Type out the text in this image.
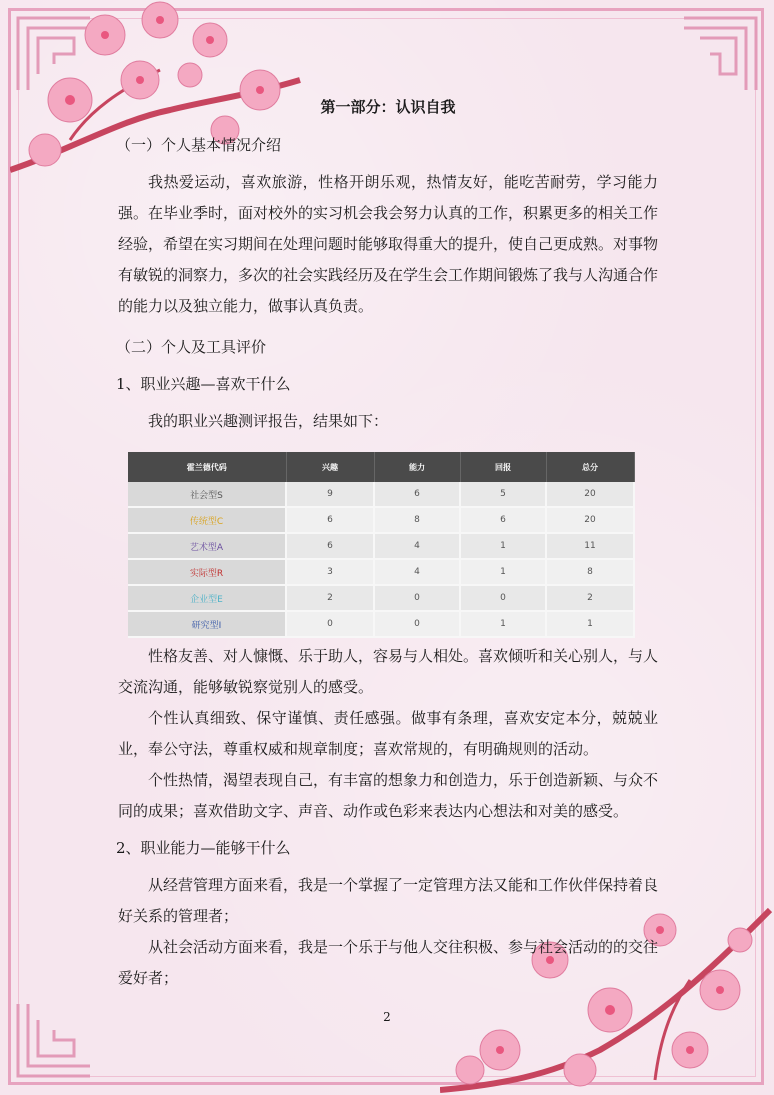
第一部分：认识自我
（一）个人基本情况介绍

我热爱运动，喜欢旅游，性格开朗乐观，热情友好，能吃苦耐劳，学习能力强。在毕业季时，面对校外的实习机会我会努力认真的工作，积累更多的相关工作经验，希望在实习期间在处理问题时能够取得重大的提升，使自己更成熟。对事物有敏锐的洞察力，多次的社会实践经历及在学生会工作期间锻炼了我与人沟通合作的能力以及独立能力，做事认真负责。

（二）个人及工具评价
1、职业兴趣—喜欢干什么

我的职业兴趣测评报告，结果如下：

性格友善、对人慷慨、乐于助人，容易与人相处。喜欢倾听和关心别人，与人交流沟通，能够敏锐察觉别人的感受。

个性认真细致、保守谨慎、责任感强。做事有条理，喜欢安定本分，兢兢业业，奉公守法，尊重权威和规章制度；喜欢常规的，有明确规则的活动。

个性热情，渴望表现自己，有丰富的想象力和创造力，乐于创造新颖、与众不同的成果；喜欢借助文字、声音、动作或色彩来表达内心想法和对美的感受。

2、职业能力—能够干什么

从经营管理方面来看，我是一个掌握了一定管理方法又能和工作伙伴保持着良好关系的管理者；

从社会活动方面来看，我是一个乐于与他人交往积极、参与社会活动的的交往爱好者；

霍兰德代码	兴趣	能力	回报	总分
社会型S	9	6	5	20
传统型C	6	8	6	20
艺术型A	6	4	1	11
实际型R	3	4	1	8
企业型E	2	0	0	2
研究型I	0	0	1	1
2
